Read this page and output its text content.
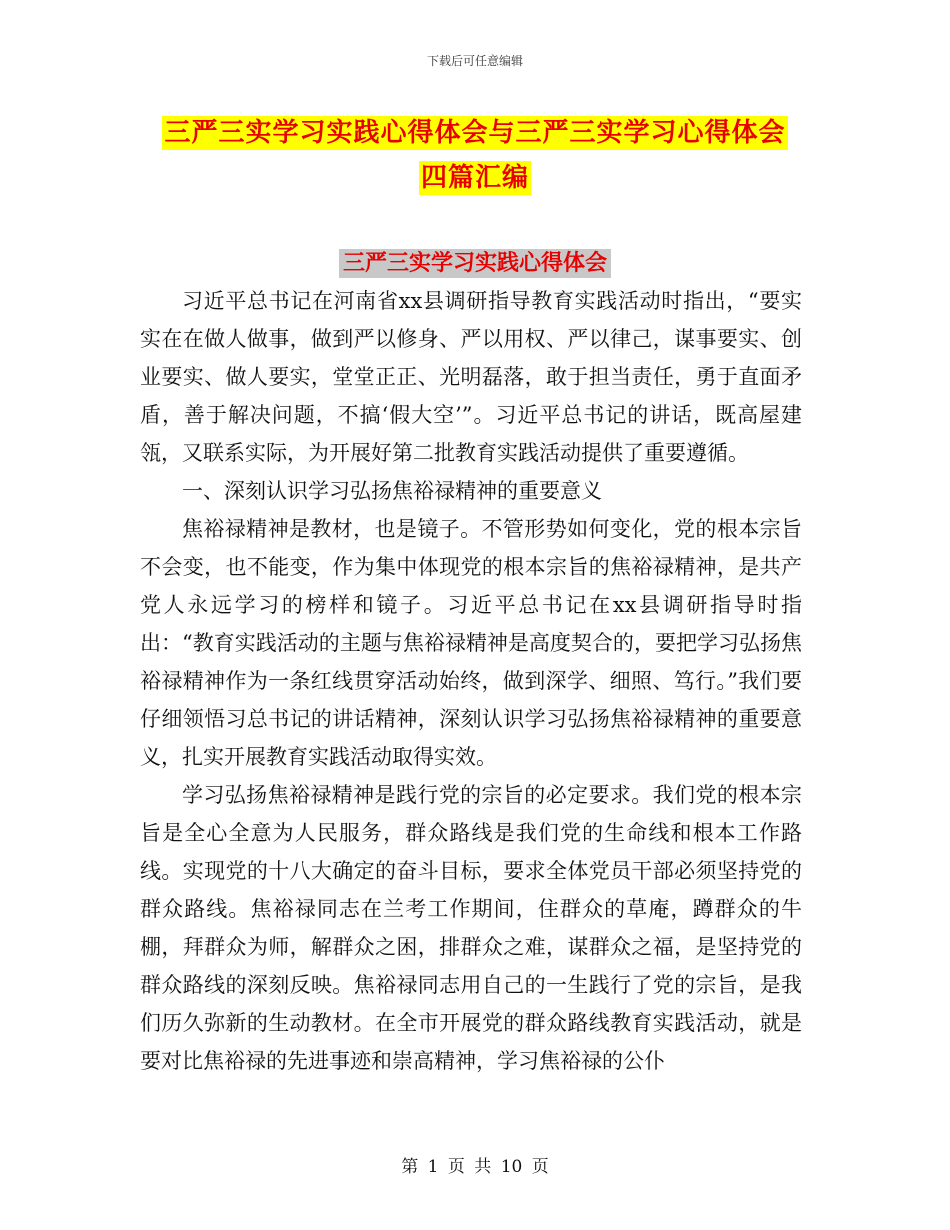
下载后可任意编辑
三严三实学习实践心得体会与三严三实学习心得体会
四篇汇编
三严三实学习实践心得体会

习近平总书记在河南省xx县调研指导教育实践活动时指出，“要实实在在做人做事，做到严以修身、严以用权、严以律己，谋事要实、创业要实、做人要实，堂堂正正、光明磊落，敢于担当责任，勇于直面矛盾，善于解决问题，不搞‘假大空’”。习近平总书记的讲话，既高屋建瓴，又联系实际，为开展好第二批教育实践活动提供了重要遵循。

一、深刻认识学习弘扬焦裕禄精神的重要意义

焦裕禄精神是教材，也是镜子。不管形势如何变化，党的根本宗旨不会变，也不能变，作为集中体现党的根本宗旨的焦裕禄精神，是共产党人永远学习的榜样和镜子。习近平总书记在xx县调研指导时指出：“教育实践活动的主题与焦裕禄精神是高度契合的，要把学习弘扬焦裕禄精神作为一条红线贯穿活动始终，做到深学、细照、笃行。”我们要仔细领悟习总书记的讲话精神，深刻认识学习弘扬焦裕禄精神的重要意义，扎实开展教育实践活动取得实效。

学习弘扬焦裕禄精神是践行党的宗旨的必定要求。我们党的根本宗旨是全心全意为人民服务，群众路线是我们党的生命线和根本工作路线。实现党的十八大确定的奋斗目标，要求全体党员干部必须坚持党的群众路线。焦裕禄同志在兰考工作期间，住群众的草庵，蹲群众的牛棚，拜群众为师，解群众之困，排群众之难，谋群众之福，是坚持党的群众路线的深刻反映。焦裕禄同志用自己的一生践行了党的宗旨，是我们历久弥新的生动教材。在全市开展党的群众路线教育实践活动，就是要对比焦裕禄的先进事迹和崇高精神，学习焦裕禄的公仆

第 1 页 共 10 页
